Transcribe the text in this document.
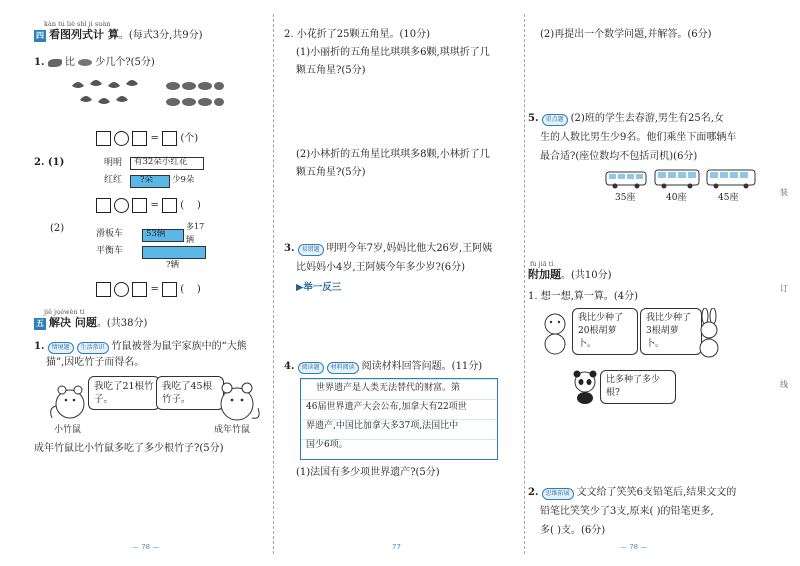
kàn tú liè shì jì suàn
四 看图列式计 算。(每式3分,共9分)
1. 比 少几个?(5分)
=  (个)
2. (1)	明明 有32朵小红花
红红 ?朵 少9朵
=  (    )
(2)	滑板车	53辆
多17辆
平衡车
?辆
=  (    )
jiě juéwèn tí
五 解决 问题。(共38分)
1. 情境题 生活常识 竹鼠被誉为鼠宇家族中的“大熊
猫”,因吃竹子而得名。
我吃了21根竹子。
我吃了45根竹子。
小竹鼠	成年竹鼠
成年竹鼠比小竹鼠多吃了多少根竹子?(5分)
— 78 —
2. 小花折了25颗五角星。(10分)
(1)小丽折的五角星比琪琪多6颗,琪琪折了几
颗五角星?(5分)
(2)小林折的五角星比琪琪多8颗,小林折了几
颗五角星?(5分)
3. 易错题 明明今年7岁,妈妈比他大26岁,王阿姨
比妈妈小4岁,王阿姨今年多少岁?(6分)
▶举一反三
4. 阅读题 材料阅读 阅读材料回答问题。(11分)
世界遗产是人类无法替代的财富。第
46届世界遗产大会公布,加拿大有22项世
界遗产,中国比加拿大多37项,法国比中
国少6项。
(1)法国有多少项世界遗产?(5分)
77
(2)再提出一个数学问题,并解答。(6分)
5. 重点题 (2)班的学生去春游,男生有25名,女
生的人数比男生少9名。他们乘坐下面哪辆车
最合适?(座位数均不包括司机)(6分)
35座	40座	45座
fù jiā tí
附加题。(共10分)
1. 想一想,算一算。(4分)
我比少种了20根胡萝卜。
我比少种了3根胡萝卜。
比多种了多少根?
2. 思维拓展 文文给了笑笑6支铅笔后,结果文文的
铅笔比笑笑少了3支,原来( )的铅笔更多,
多( )支。(6分)
— 78 —
装
订
线
